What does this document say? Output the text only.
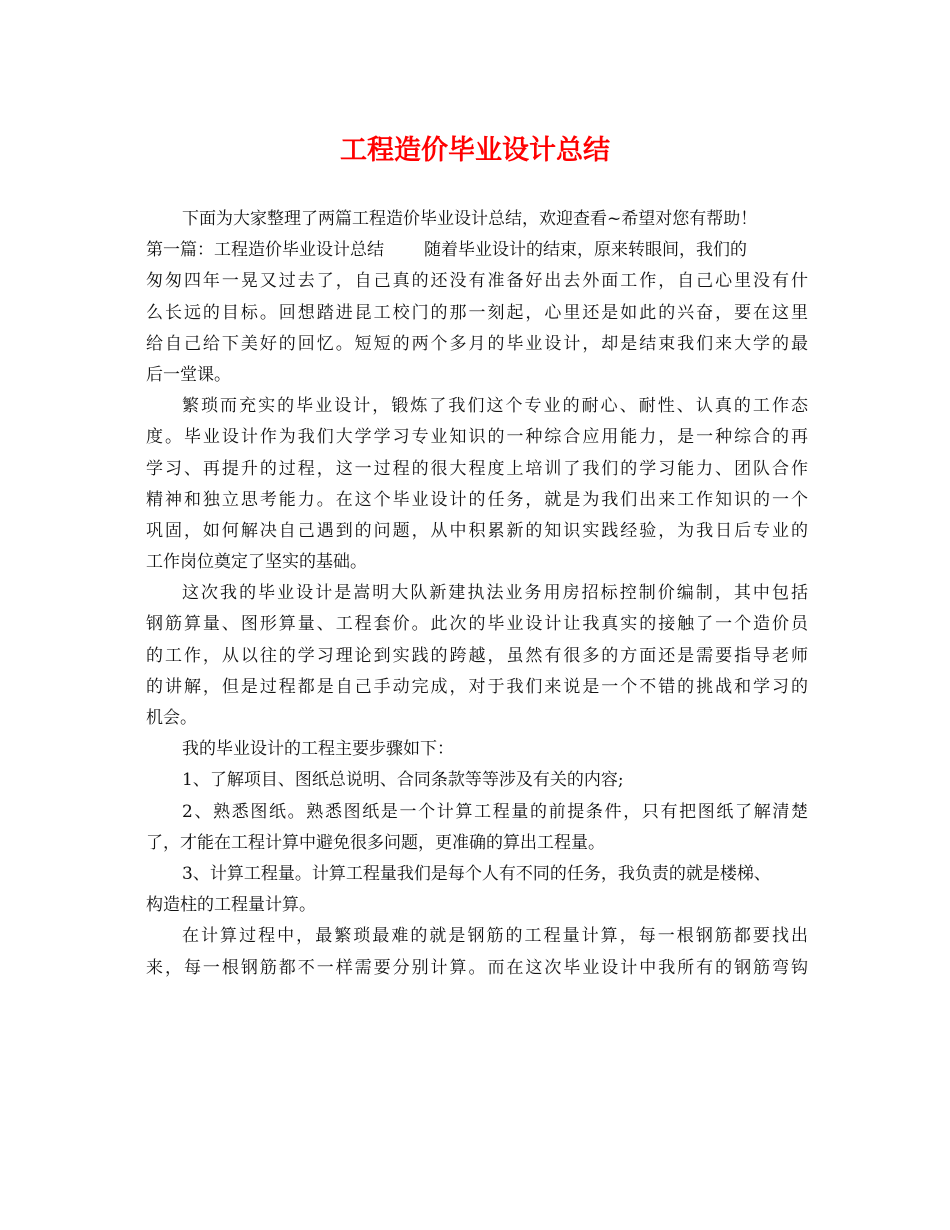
工程造价毕业设计总结
下面为大家整理了两篇工程造价毕业设计总结，欢迎查看~希望对您有帮助！
第一篇：工程造价毕业设计总结 随着毕业设计的结束，原来转眼间，我们的
匆匆四年一晃又过去了，自己真的还没有准备好出去外面工作，自己心里没有什
么长远的目标。回想踏进昆工校门的那一刻起，心里还是如此的兴奋，要在这里
给自己给下美好的回忆。短短的两个多月的毕业设计，却是结束我们来大学的最
后一堂课。
繁琐而充实的毕业设计，锻炼了我们这个专业的耐心、耐性、认真的工作态
度。毕业设计作为我们大学学习专业知识的一种综合应用能力，是一种综合的再
学习、再提升的过程，这一过程的很大程度上培训了我们的学习能力、团队合作
精神和独立思考能力。在这个毕业设计的任务，就是为我们出来工作知识的一个
巩固，如何解决自己遇到的问题，从中积累新的知识实践经验，为我日后专业的
工作岗位奠定了坚实的基础。
这次我的毕业设计是嵩明大队新建执法业务用房招标控制价编制，其中包括
钢筋算量、图形算量、工程套价。此次的毕业设计让我真实的接触了一个造价员
的工作，从以往的学习理论到实践的跨越，虽然有很多的方面还是需要指导老师
的讲解，但是过程都是自己手动完成，对于我们来说是一个不错的挑战和学习的
机会。
我的毕业设计的工程主要步骤如下：
1、了解项目、图纸总说明、合同条款等等涉及有关的内容;
2、熟悉图纸。熟悉图纸是一个计算工程量的前提条件，只有把图纸了解清楚
了，才能在工程计算中避免很多问题，更准确的算出工程量。
3、计算工程量。计算工程量我们是每个人有不同的任务，我负责的就是楼梯、
构造柱的工程量计算。
在计算过程中，最繁琐最难的就是钢筋的工程量计算，每一根钢筋都要找出
来，每一根钢筋都不一样需要分别计算。而在这次毕业设计中我所有的钢筋弯钩
